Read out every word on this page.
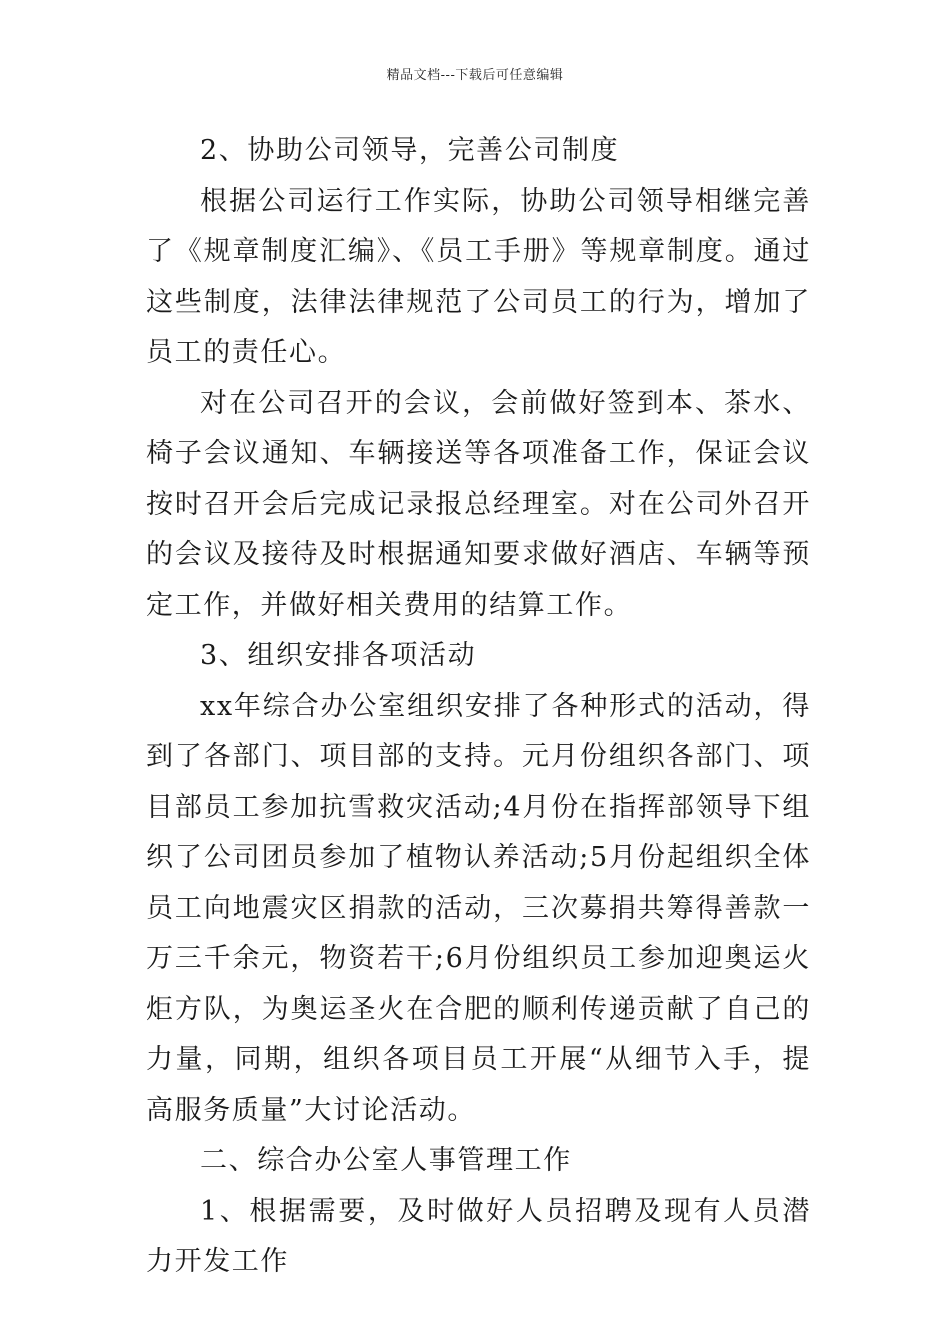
精品文档---下载后可任意编辑

2、协助公司领导，完善公司制度

根据公司运行工作实际，协助公司领导相继完善了《规章制度汇编》、《员工手册》等规章制度。通过这些制度，法律法律规范了公司员工的行为，增加了员工的责任心。

对在公司召开的会议，会前做好签到本、茶水、椅子会议通知、车辆接送等各项准备工作，保证会议按时召开会后完成记录报总经理室。对在公司外召开的会议及接待及时根据通知要求做好酒店、车辆等预定工作，并做好相关费用的结算工作。

3、组织安排各项活动

xx年综合办公室组织安排了各种形式的活动，得到了各部门、项目部的支持。元月份组织各部门、项目部员工参加抗雪救灾活动;4月份在指挥部领导下组织了公司团员参加了植物认养活动;5月份起组织全体员工向地震灾区捐款的活动，三次募捐共筹得善款一万三千余元，物资若干;6月份组织员工参加迎奥运火炬方队，为奥运圣火在合肥的顺利传递贡献了自己的力量，同期，组织各项目员工开展“从细节入手，提高服务质量”大讨论活动。

二、综合办公室人事管理工作

1、根据需要，及时做好人员招聘及现有人员潜力开发工作
